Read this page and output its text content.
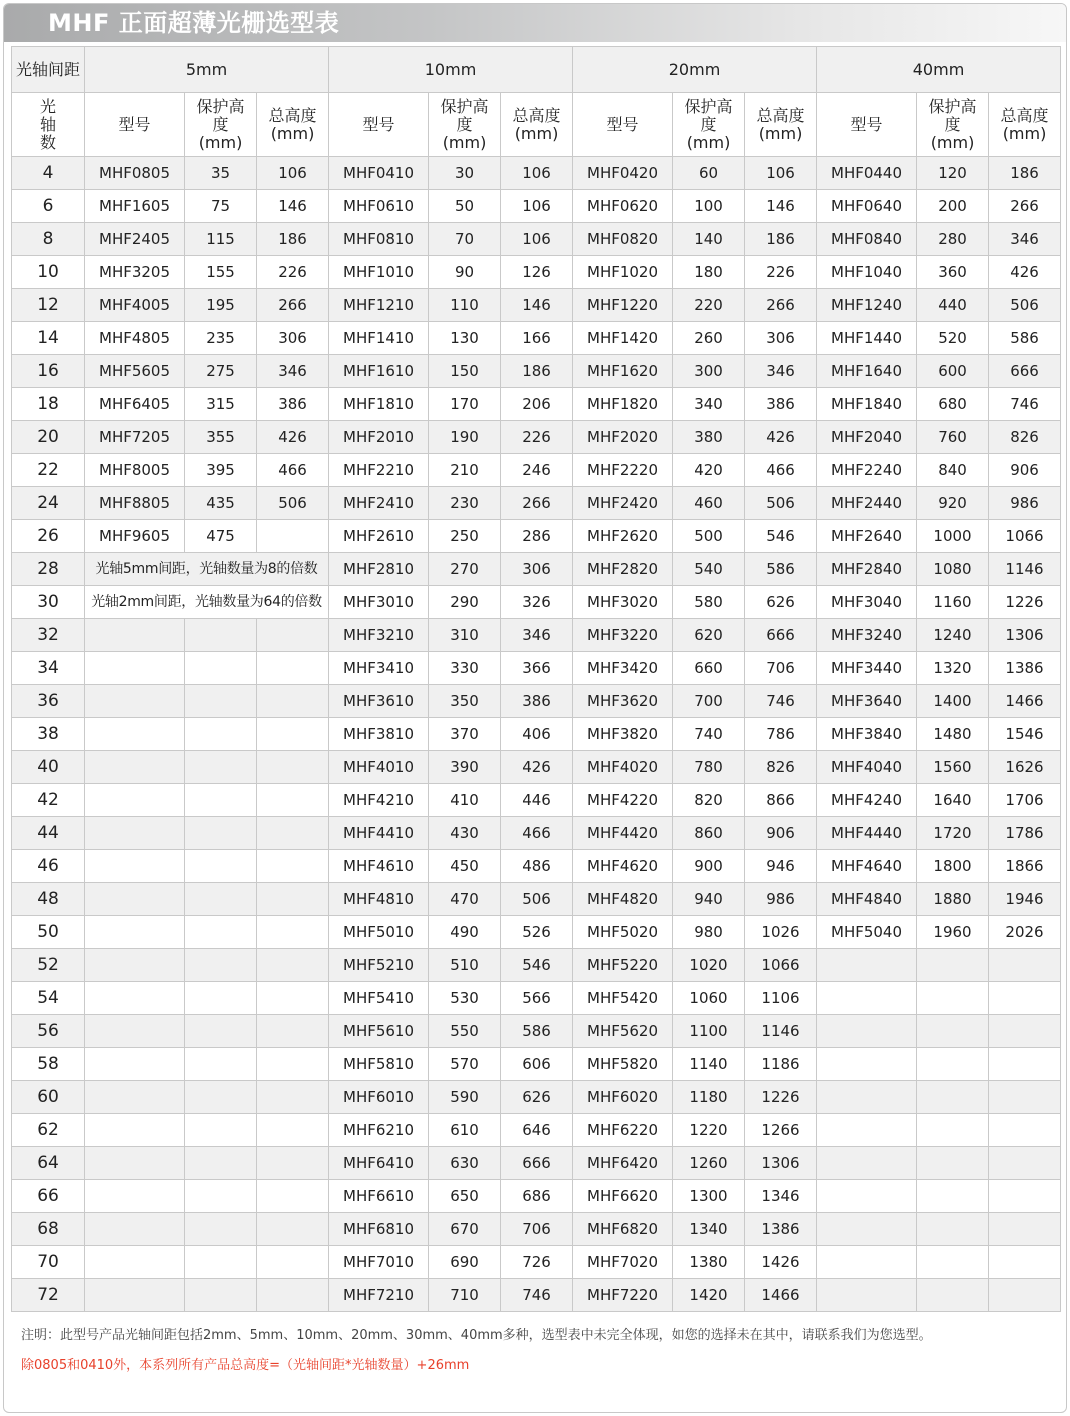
MHF 正面超薄光栅选型表
光轴间距	5mm			10mm			20mm			40mm		
光轴数	型号	保护高度(mm)	总高度(mm)	型号	保护高度(mm)	总高度(mm)	型号	保护高度(mm)	总高度(mm)	型号	保护高度(mm)	总高度(mm)
4	MHF0805	35	106	MHF0410	30	106	MHF0420	60	106	MHF0440	120	186
6	MHF1605	75	146	MHF0610	50	106	MHF0620	100	146	MHF0640	200	266
8	MHF2405	115	186	MHF0810	70	106	MHF0820	140	186	MHF0840	280	346
10	MHF3205	155	226	MHF1010	90	126	MHF1020	180	226	MHF1040	360	426
12	MHF4005	195	266	MHF1210	110	146	MHF1220	220	266	MHF1240	440	506
14	MHF4805	235	306	MHF1410	130	166	MHF1420	260	306	MHF1440	520	586
16	MHF5605	275	346	MHF1610	150	186	MHF1620	300	346	MHF1640	600	666
18	MHF6405	315	386	MHF1810	170	206	MHF1820	340	386	MHF1840	680	746
20	MHF7205	355	426	MHF2010	190	226	MHF2020	380	426	MHF2040	760	826
22	MHF8005	395	466	MHF2210	210	246	MHF2220	420	466	MHF2240	840	906
24	MHF8805	435	506	MHF2410	230	266	MHF2420	460	506	MHF2440	920	986
26	MHF9605	475		MHF2610	250	286	MHF2620	500	546	MHF2640	1000	1066
28	光轴5mm间距，光轴数量为8的倍数			MHF2810	270	306	MHF2820	540	586	MHF2840	1080	1146
30	光轴2mm间距，光轴数量为64的倍数			MHF3010	290	326	MHF3020	580	626	MHF3040	1160	1226
32				MHF3210	310	346	MHF3220	620	666	MHF3240	1240	1306
34				MHF3410	330	366	MHF3420	660	706	MHF3440	1320	1386
36				MHF3610	350	386	MHF3620	700	746	MHF3640	1400	1466
38				MHF3810	370	406	MHF3820	740	786	MHF3840	1480	1546
40				MHF4010	390	426	MHF4020	780	826	MHF4040	1560	1626
42				MHF4210	410	446	MHF4220	820	866	MHF4240	1640	1706
44				MHF4410	430	466	MHF4420	860	906	MHF4440	1720	1786
46				MHF4610	450	486	MHF4620	900	946	MHF4640	1800	1866
48				MHF4810	470	506	MHF4820	940	986	MHF4840	1880	1946
50				MHF5010	490	526	MHF5020	980	1026	MHF5040	1960	2026
52				MHF5210	510	546	MHF5220	1020	1066			
54				MHF5410	530	566	MHF5420	1060	1106			
56				MHF5610	550	586	MHF5620	1100	1146			
58				MHF5810	570	606	MHF5820	1140	1186			
60				MHF6010	590	626	MHF6020	1180	1226			
62				MHF6210	610	646	MHF6220	1220	1266			
64				MHF6410	630	666	MHF6420	1260	1306			
66				MHF6610	650	686	MHF6620	1300	1346			
68				MHF6810	670	706	MHF6820	1340	1386			
70				MHF7010	690	726	MHF7020	1380	1426			
72				MHF7210	710	746	MHF7220	1420	1466			
注明：此型号产品光轴间距包括2mm、5mm、10mm、20mm、30mm、40mm多种，选型表中未完全体现，如您的选择未在其中，请联系我们为您选型。
除0805和0410外，本系列所有产品总高度=（光轴间距*光轴数量）+26mm
